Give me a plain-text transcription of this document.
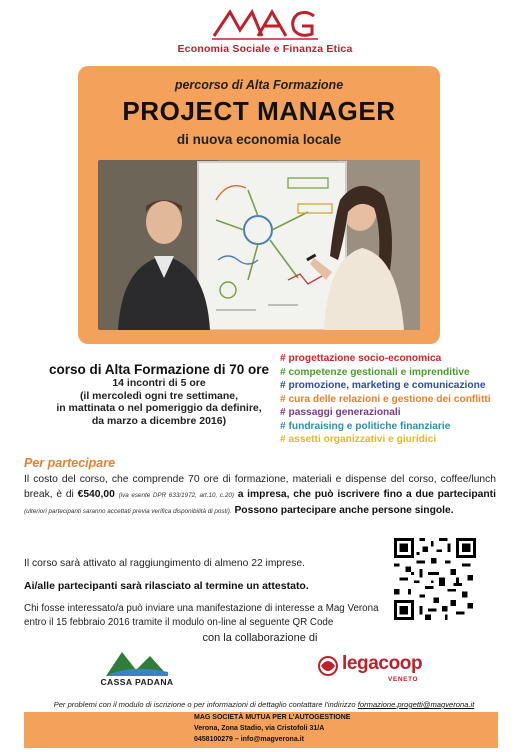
Economia Sociale e Finanza Etica
percorso di Alta Formazione
PROJECT MANAGER
di nuova economia locale
corso di Alta Formazione di 70 ore
14 incontri di 5 ore
(il mercoledì ogni tre settimane,
in mattinata o nel pomeriggio da definire,
da marzo a dicembre 2016)
# progettazione socio-economica
# competenze gestionali e imprenditive
# promozione, marketing e comunicazione
# cura delle relazioni e gestione dei conflitti
# passaggi generazionali
# fundraising e politiche finanziarie
# assetti organizzativi e giuridici
Per partecipare
Il costo del corso, che comprende 70 ore di formazione, materiali e dispense del corso, coffee/lunch break, è di €540,00 (iva esente DPR 633/1972, art.10, c.20) a impresa, che può iscrivere fino a due partecipanti (ulteriori partecipanti saranno accettati previa verifica disponibilità di posti). Possono partecipare anche persone singole.
Il corso sarà attivato al raggiungimento di almeno 22 imprese.
Ai/alle partecipanti sarà rilasciato al termine un attestato.
Chi fosse interessato/a può inviare una manifestazione di interesse a Mag Verona
entro il 15 febbraio 2016 tramite il modulo on-line al seguente QR Code
con la collaborazione di
CASSA PADANA
legacoop
VENETO
Per problemi con il modulo di iscrizione o per informazioni di dettaglio contattare l'indirizzo formazione.progetti@magverona.it
MAG SOCIETÀ MUTUA PER L'AUTOGESTIONE
Verona, Zona Stadio, via Cristofoli 31/A
0458100279 – info@magverona.it
